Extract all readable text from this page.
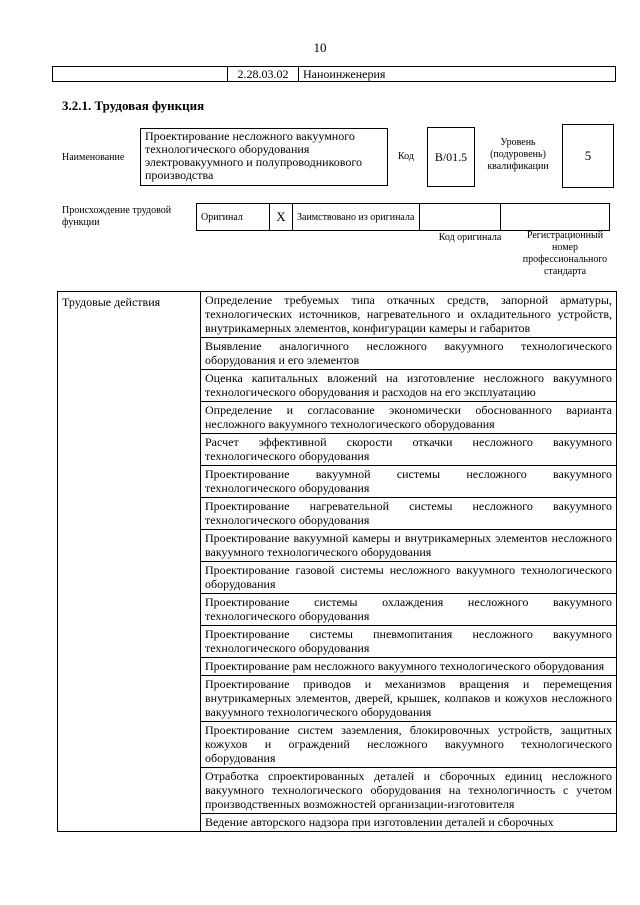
10
	2.28.03.02	Наноинженерия
3.2.1. Трудовая функция
Наименование
Проектирование несложного вакуумного технологического оборудования электровакуумного и полупроводникового производства
Код B/01.5
Уровень (подуровень) квалификации
5
Происхождение трудовой функции	Оригинал	X	Заимствовано из оригинала		
Код оригинала	Регистрационный номер профессионального стандарта
Трудовые действия	Определение требуемых типа откачных средств, запорной арматуры, технологических источников, нагревательного и охладительного устройств, внутрикамерных элементов, конфигурации камеры и габаритов
Выявление аналогичного несложного вакуумного технологического оборудования и его элементов
Оценка капитальных вложений на изготовление несложного вакуумного технологического оборудования и расходов на его эксплуатацию
Определение и согласование экономически обоснованного варианта несложного вакуумного технологического оборудования
Расчет эффективной скорости откачки несложного вакуумного технологического оборудования
Проектирование вакуумной системы несложного вакуумного технологического оборудования
Проектирование нагревательной системы несложного вакуумного технологического оборудования
Проектирование вакуумной камеры и внутрикамерных элементов несложного вакуумного технологического оборудования
Проектирование газовой системы несложного вакуумного технологического оборудования
Проектирование системы охлаждения несложного вакуумного технологического оборудования
Проектирование системы пневмопитания несложного вакуумного технологического оборудования
Проектирование рам несложного вакуумного технологического оборудования
Проектирование приводов и механизмов вращения и перемещения внутрикамерных элементов, дверей, крышек, колпаков и кожухов несложного вакуумного технологического оборудования
Проектирование систем заземления, блокировочных устройств, защитных кожухов и ограждений несложного вакуумного технологического оборудования
Отработка спроектированных деталей и сборочных единиц несложного вакуумного технологического оборудования на технологичность с учетом производственных возможностей организации-изготовителя
Ведение авторского надзора при изготовлении деталей и сборочных
